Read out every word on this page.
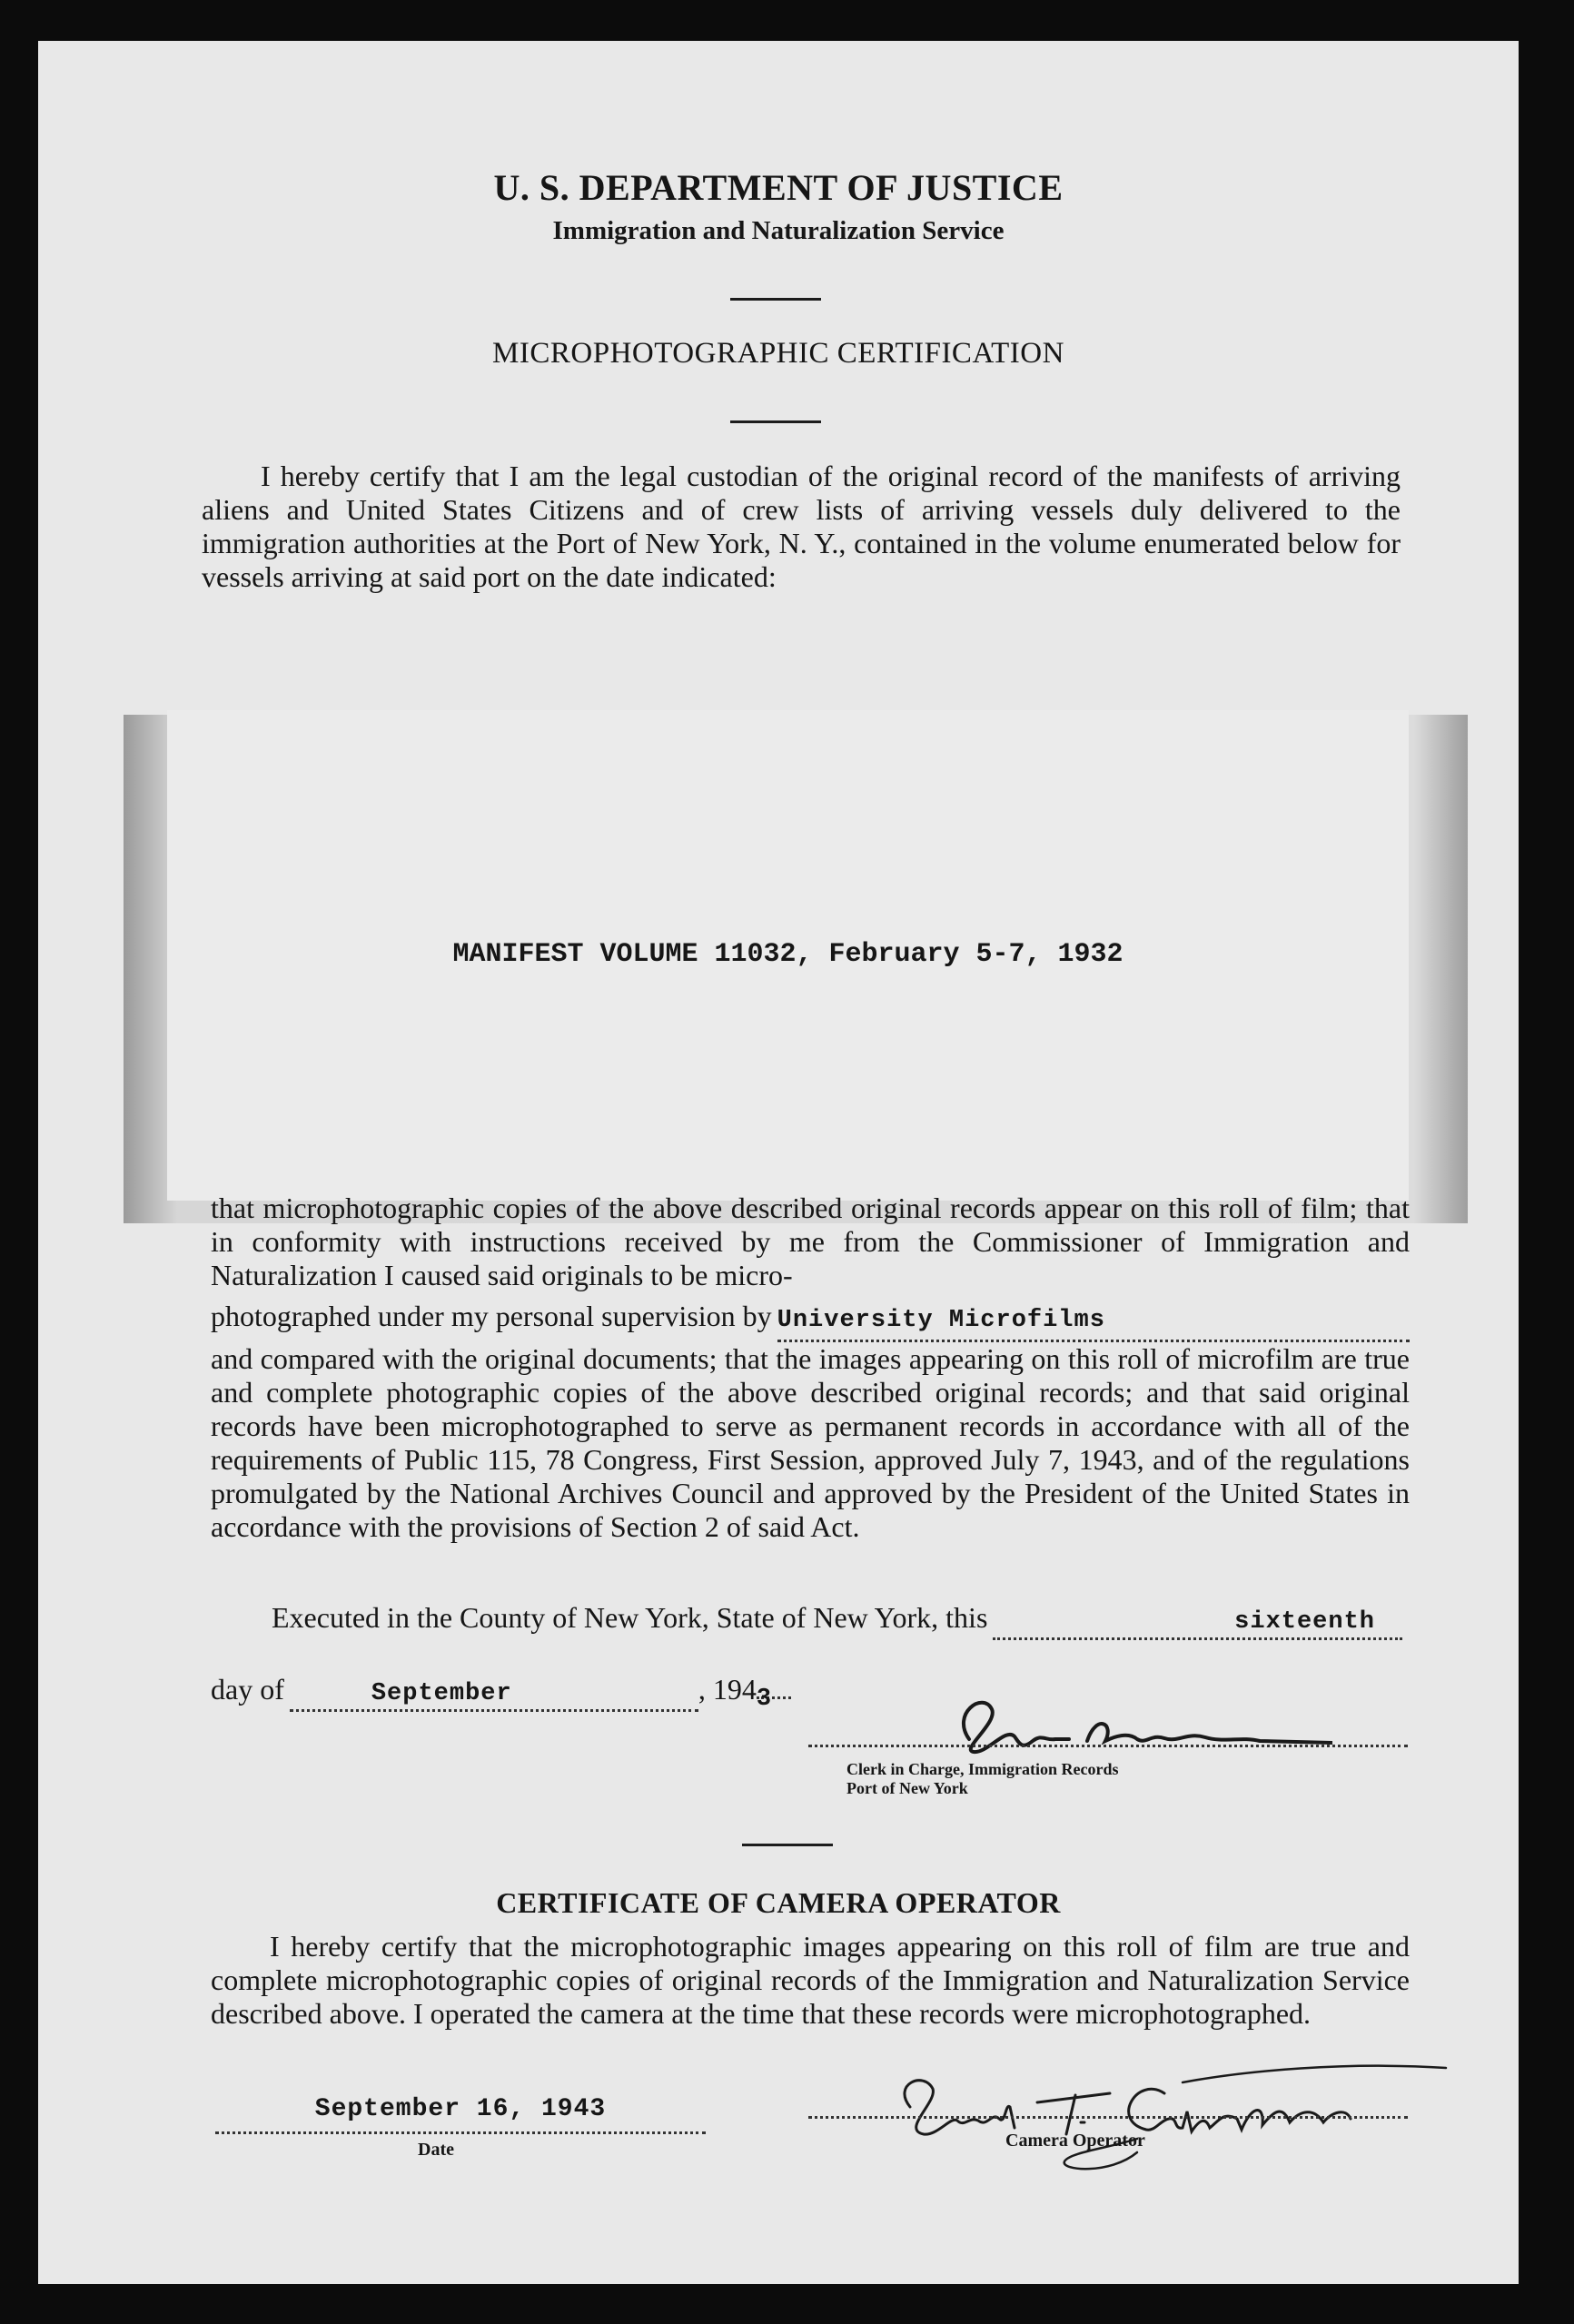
U. S. DEPARTMENT OF JUSTICE
Immigration and Naturalization Service
MICROPHOTOGRAPHIC CERTIFICATION
I hereby certify that I am the legal custodian of the original record of the manifests of arriving aliens and United States Citizens and of crew lists of arriving vessels duly delivered to the immigration authorities at the Port of New York, N. Y., contained in the volume enumerated below for vessels arriving at said port on the date indicated:
MANIFEST VOLUME 11032, February 5-7, 1932
that microphotographic copies of the above described original records appear on this roll of film; that in conformity with instructions received by me from the Commissioner of Immigration and Naturalization I caused said originals to be micro-
photographed under my personal supervision by University Microfilms
and compared with the original documents; that the images appearing on this roll of microfilm are true and complete photographic copies of the above described original records; and that said original records have been microphotographed to serve as permanent records in accordance with all of the requirements of Public 115, 78 Congress, First Session, approved July 7, 1943, and of the regulations promulgated by the National Archives Council and approved by the President of the United States in accordance with the provisions of Section 2 of said Act.
Executed in the County of New York, State of New York, this	sixteenth
day of	September	, 194 3
Clerk in Charge, Immigration Records
Port of New York
CERTIFICATE OF CAMERA OPERATOR
I hereby certify that the microphotographic images appearing on this roll of film are true and complete microphotographic copies of original records of the Immigration and Naturalization Service described above. I operated the camera at the time that these records were microphotographed.
September 16, 1943
Date	Camera Operator
